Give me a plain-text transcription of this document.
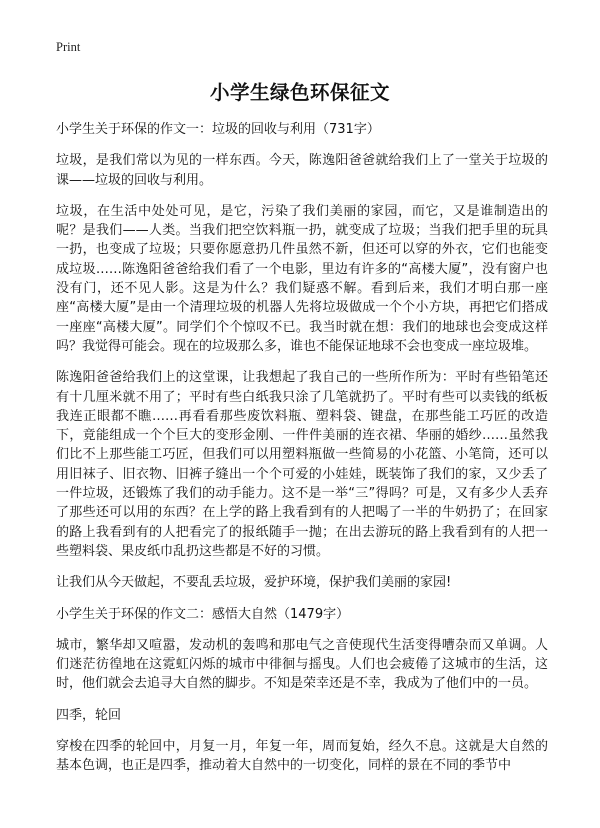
Print
小学生绿色环保征文

小学生关于环保的作文一：垃圾的回收与利用（731字）

垃圾，是我们常以为见的一样东西。今天，陈逸阳爸爸就给我们上了一堂关于垃圾的课——垃圾的回收与利用。

垃圾，在生活中处处可见，是它，污染了我们美丽的家园，而它，又是谁制造出的呢？是我们——人类。当我们把空饮料瓶一扔，就变成了垃圾；当我们把手里的玩具一扔，也变成了垃圾；只要你愿意扔几件虽然不新，但还可以穿的外衣，它们也能变成垃圾……陈逸阳爸爸给我们看了一个电影，里边有许多的“高楼大厦”，没有窗户也没有门，还不见人影。这是为什么？我们疑惑不解。看到后来，我们才明白那一座座“高楼大厦”是由一个清理垃圾的机器人先将垃圾做成一个个小方块，再把它们搭成一座座“高楼大厦”。同学们个个惊叹不已。我当时就在想：我们的地球也会变成这样吗？我觉得可能会。现在的垃圾那么多，谁也不能保证地球不会也变成一座垃圾堆。

陈逸阳爸爸给我们上的这堂课，让我想起了我自己的一些所作所为：平时有些铅笔还有十几厘米就不用了；平时有些白纸我只涂了几笔就扔了。平时有些可以卖钱的纸板我连正眼都不瞧……再看看那些废饮料瓶、塑料袋、键盘，在那些能工巧匠的改造下，竟能组成一个个巨大的变形金刚、一件件美丽的连衣裙、华丽的婚纱……虽然我们比不上那些能工巧匠，但我们可以用塑料瓶做一些简易的小花篮、小笔筒，还可以用旧袜子、旧衣物、旧裤子缝出一个个可爱的小娃娃，既装饰了我们的家，又少丢了一件垃圾，还锻炼了我们的动手能力。这不是一举“三”得吗？可是，又有多少人丢弃了那些还可以用的东西？在上学的路上我看到有的人把喝了一半的牛奶扔了；在回家的路上我看到有的人把看完了的报纸随手一抛；在出去游玩的路上我看到有的人把一些塑料袋、果皮纸巾乱扔这些都是不好的习惯。

让我们从今天做起，不要乱丢垃圾，爱护环境，保护我们美丽的家园!

小学生关于环保的作文二：感悟大自然（1479字）

城市，繁华却又喧嚣，发动机的轰鸣和那电气之音使现代生活变得嘈杂而又单调。人们迷茫彷徨地在这霓虹闪烁的城市中徘徊与摇曳。人们也会疲倦了这城市的生活，这时，他们就会去追寻大自然的脚步。不知是荣幸还是不幸，我成为了他们中的一员。

四季，轮回

穿梭在四季的轮回中，月复一月，年复一年，周而复始，经久不息。这就是大自然的基本色调，也正是四季，推动着大自然中的一切变化，同样的景在不同的季节中
